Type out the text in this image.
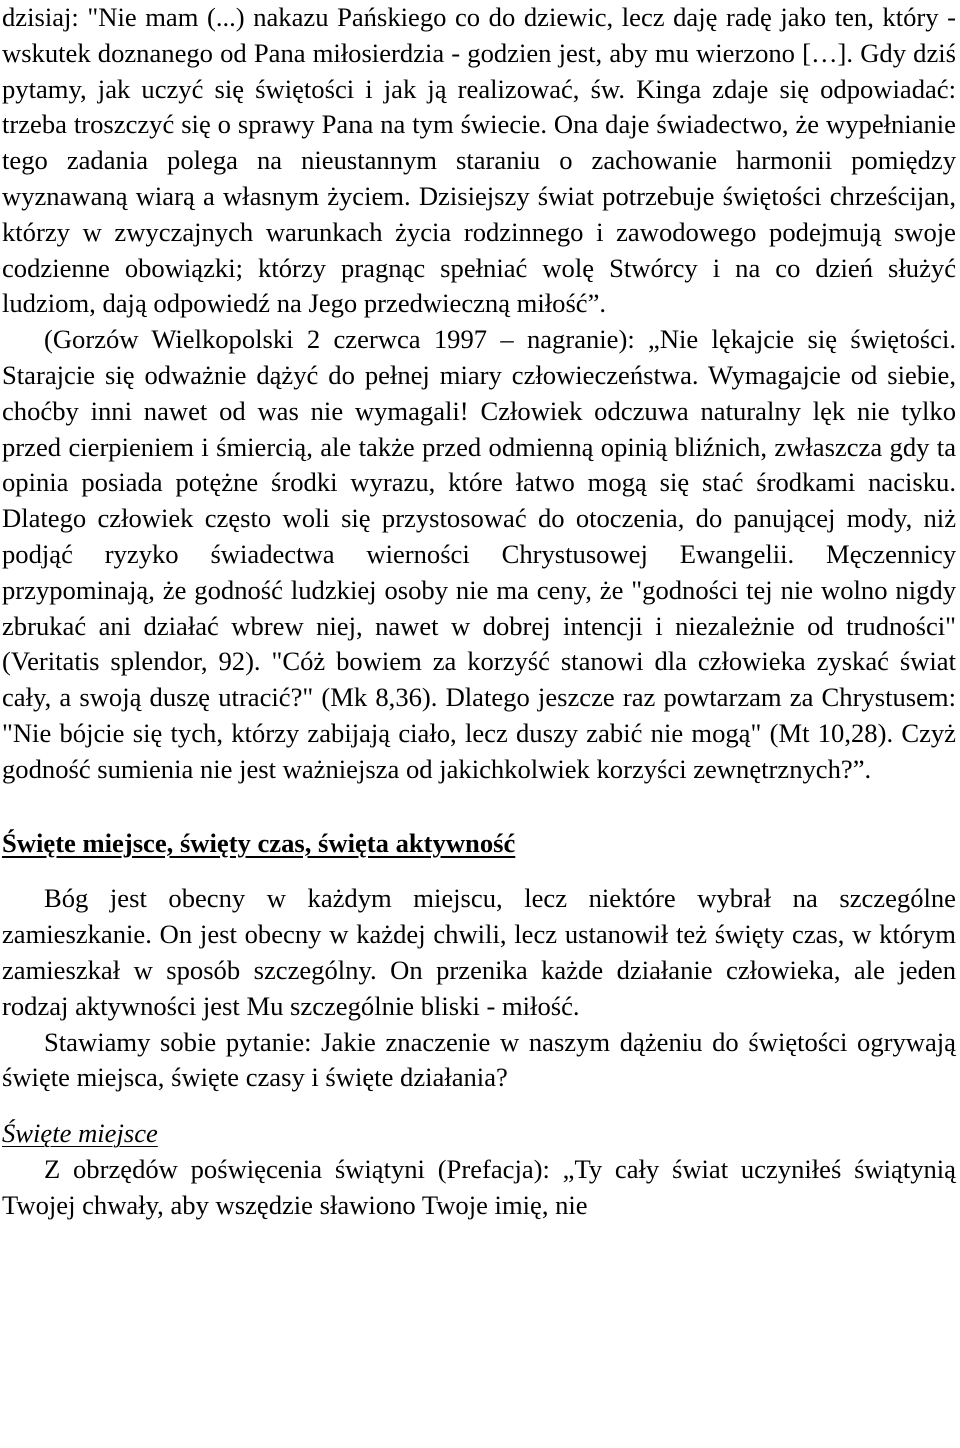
dzisiaj: "Nie mam (...) nakazu Pańskiego co do dziewic, lecz daję radę jako ten, który - wskutek doznanego od Pana miłosierdzia - godzien jest, aby mu wierzono […]. Gdy dziś pytamy, jak uczyć się świętości i jak ją realizować, św. Kinga zdaje się odpowiadać: trzeba troszczyć się o sprawy Pana na tym świecie. Ona daje świadectwo, że wypełnianie tego zadania polega na nieustannym staraniu o zachowanie harmonii pomiędzy wyznawaną wiarą a własnym życiem. Dzisiejszy świat potrzebuje świętości chrześcijan, którzy w zwyczajnych warunkach życia rodzinnego i zawodowego podejmują swoje codzienne obowiązki; którzy pragnąc spełniać wolę Stwórcy i na co dzień służyć ludziom, dają odpowiedź na Jego przedwieczną miłość”.

(Gorzów Wielkopolski 2 czerwca 1997 – nagranie): „Nie lękajcie się świętości. Starajcie się odważnie dążyć do pełnej miary człowieczeństwa. Wymagajcie od siebie, choćby inni nawet od was nie wymagali! Człowiek odczuwa naturalny lęk nie tylko przed cierpieniem i śmiercią, ale także przed odmienną opinią bliźnich, zwłaszcza gdy ta opinia posiada potężne środki wyrazu, które łatwo mogą się stać środkami nacisku. Dlatego człowiek często woli się przystosować do otoczenia, do panującej mody, niż podjąć ryzyko świadectwa wierności Chrystusowej Ewangelii. Męczennicy przypominają, że godność ludzkiej osoby nie ma ceny, że "godności tej nie wolno nigdy zbrukać ani działać wbrew niej, nawet w dobrej intencji i niezależnie od trudności" (Veritatis splendor, 92). "Cóż bowiem za korzyść stanowi dla człowieka zyskać świat cały, a swoją duszę utracić?" (Mk 8,36). Dlatego jeszcze raz powtarzam za Chrystusem: "Nie bójcie się tych, którzy zabijają ciało, lecz duszy zabić nie mogą" (Mt 10,28). Czyż godność sumienia nie jest ważniejsza od jakichkolwiek korzyści zewnętrznych?”.

Święte miejsce, święty czas, święta aktywność

Bóg jest obecny w każdym miejscu, lecz niektóre wybrał na szczególne zamieszkanie. On jest obecny w każdej chwili, lecz ustanowił też święty czas, w którym zamieszkał w sposób szczególny. On przenika każde działanie człowieka, ale jeden rodzaj aktywności jest Mu szczególnie bliski - miłość.

Stawiamy sobie pytanie: Jakie znaczenie w naszym dążeniu do świętości ogrywają święte miejsca, święte czasy i święte działania?

Święte miejsce

Z obrzędów poświęcenia świątyni (Prefacja): „Ty cały świat uczyniłeś świątynią Twojej chwały, aby wszędzie sławiono Twoje imię, nie
